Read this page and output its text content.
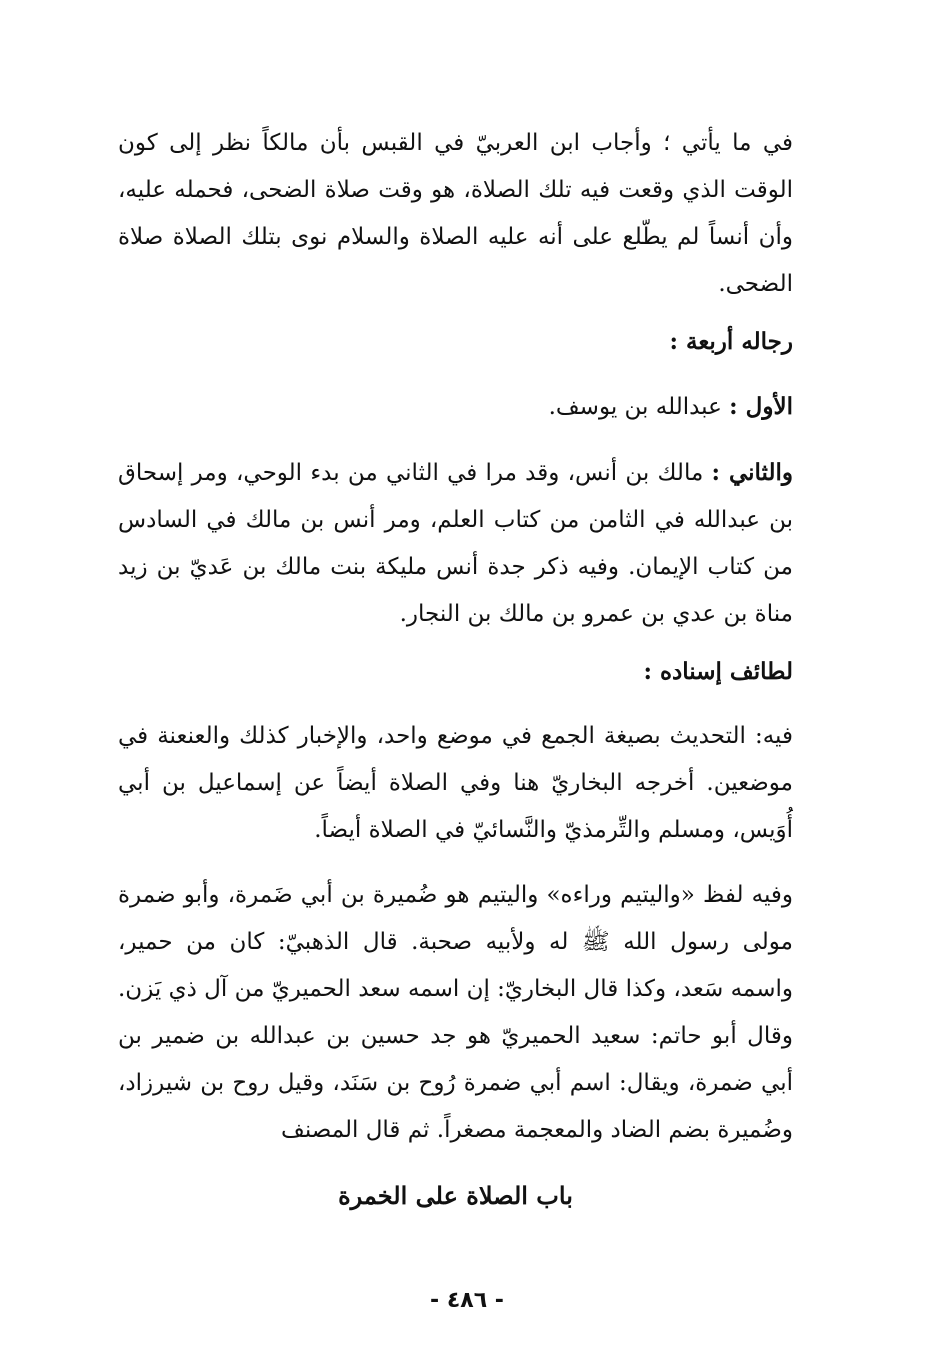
في ما يأتي ؛ وأجاب ابن العربيّ في القبس بأن مالكاً نظر إلى كون الوقت الذي وقعت فيه تلك الصلاة، هو وقت صلاة الضحى، فحمله عليه، وأن أنساً لم يطّلع على أنه عليه الصلاة والسلام نوى بتلك الصلاة صلاة الضحى.

رجاله أربعة :

الأول : عبدالله بن يوسف.

والثاني : مالك بن أنس، وقد مرا في الثاني من بدء الوحي، ومر إسحاق بن عبدالله في الثامن من كتاب العلم، ومر أنس بن مالك في السادس من كتاب الإيمان. وفيه ذكر جدة أنس مليكة بنت مالك بن عَديّ بن زيد مناة بن عدي بن عمرو بن مالك بن النجار.

لطائف إسناده :

فيه: التحديث بصيغة الجمع في موضع واحد، والإخبار كذلك والعنعنة في موضعين. أخرجه البخاريّ هنا وفي الصلاة أيضاً عن إسماعيل بن أبي أُوَيس، ومسلم والتِّرمذيّ والنَّسائيّ في الصلاة أيضاً.

وفيه لفظ «واليتيم وراءه» واليتيم هو ضُميرة بن أبي ضَمرة، وأبو ضمرة مولى رسول الله ﷺ له ولأبيه صحبة. قال الذهبيّ: كان من حمير، واسمه سَعد، وكذا قال البخاريّ: إن اسمه سعد الحميريّ من آل ذي يَزن. وقال أبو حاتم: سعيد الحميريّ هو جد حسين بن عبدالله بن ضمير بن أبي ضمرة، ويقال: اسم أبي ضمرة رُوح بن سَنَد، وقيل روح بن شيرزاد، وضُميرة بضم الضاد والمعجمة مصغراً. ثم قال المصنف

باب الصلاة على الخمرة

- ٤٨٦ -
